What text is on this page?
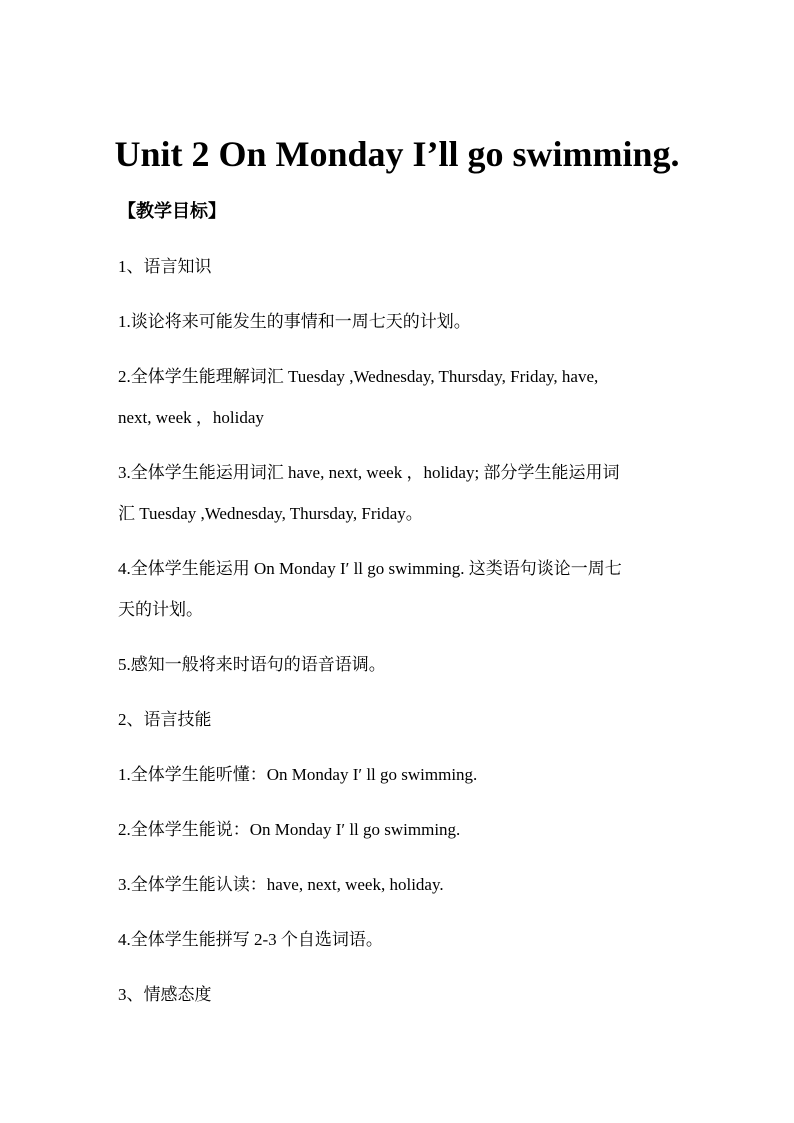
Unit 2 On Monday I’ll go swimming.
【教学目标】
1、语言知识
1.谈论将来可能发生的事情和一周七天的计划。
2.全体学生能理解词汇 Tuesday ,Wednesday, Thursday, Friday, have,
next, week ，holiday
3.全体学生能运用词汇 have, next, week ，holiday; 部分学生能运用词
汇 Tuesday ,Wednesday, Thursday, Friday。
4.全体学生能运用 On Monday I′ ll go swimming. 这类语句谈论一周七
天的计划。
5.感知一般将来时语句的语音语调。
2、语言技能
1.全体学生能听懂：On Monday I′ ll go swimming.
2.全体学生能说：On Monday I′ ll go swimming.
3.全体学生能认读：have, next, week, holiday.
4.全体学生能拼写 2-3 个自选词语。
3、情感态度
